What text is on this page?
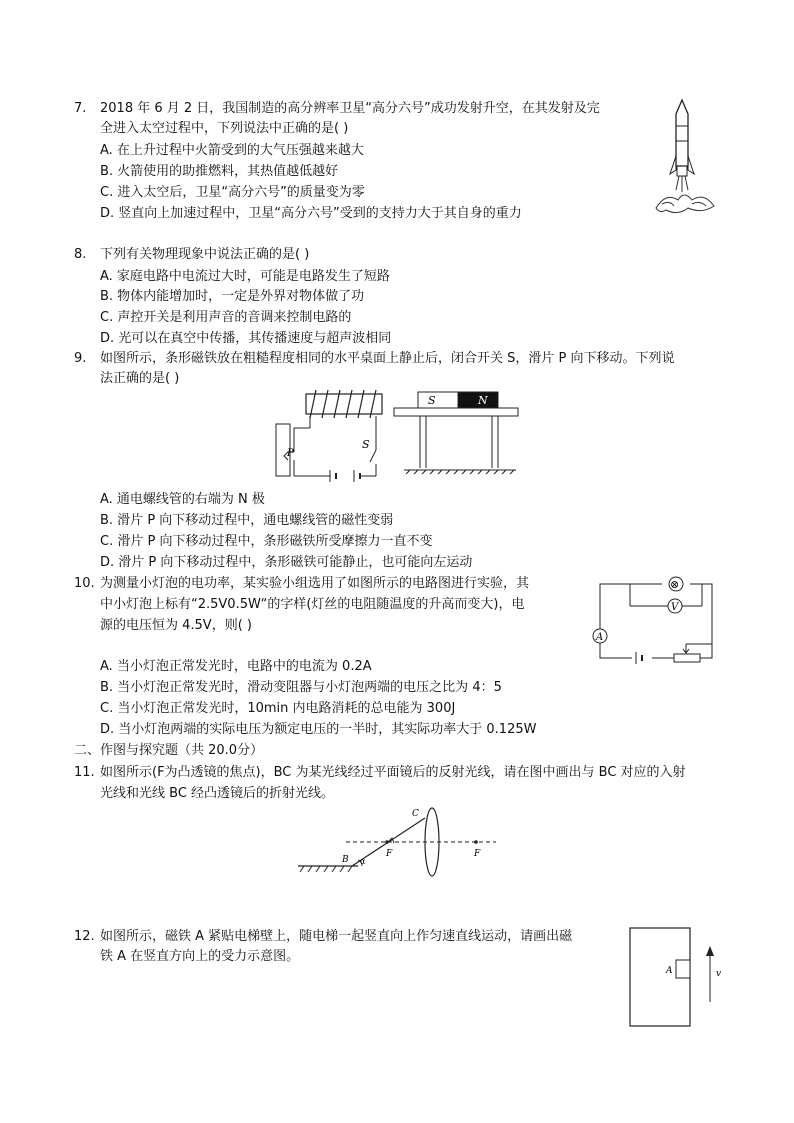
7. 2018 年 6 月 2 日，我国制造的高分辨率卫星“高分六号”成功发射升空，在其发射及完
全进入太空过程中，下列说法中正确的是( )
A. 在上升过程中火箭受到的大气压强越来越大
B. 火箭使用的助推燃料，其热值越低越好
C. 进入太空后，卫星“高分六号”的质量变为零
D. 竖直向上加速过程中，卫星“高分六号”受到的支持力大于其自身的重力
8. 下列有关物理现象中说法正确的是( )
A. 家庭电路中电流过大时，可能是电路发生了短路
B. 物体内能增加时，一定是外界对物体做了功
C. 声控开关是利用声音的音调来控制电路的
D. 光可以在真空中传播，其传播速度与超声波相同
9. 如图所示，条形磁铁放在粗糙程度相同的水平桌面上静止后，闭合开关 S，滑片 P 向下移动。下列说
法正确的是( )
P
S
S	N
A. 通电螺线管的右端为 N 极
B. 滑片 P 向下移动过程中，通电螺线管的磁性变弱
C. 滑片 P 向下移动过程中，条形磁铁所受摩擦力一直不变
D. 滑片 P 向下移动过程中，条形磁铁可能静止，也可能向左运动
10. 为测量小灯泡的电功率，某实验小组选用了如图所示的电路图进行实验，其
中小灯泡上标有“2.5V0.5W“的字样(灯丝的电阻随温度的升高而变大)，电
源的电压恒为 4.5V，则( )
⊗
V
A
A. 当小灯泡正常发光时，电路中的电流为 0.2A
B. 当小灯泡正常发光时，滑动变阻器与小灯泡两端的电压之比为 4：5
C. 当小灯泡正常发光时，10min 内电路消耗的总电能为 300J
D. 当小灯泡两端的实际电压为额定电压的一半时，其实际功率大于 0.125W
二、作图与探究题（共 20.0分）
11. 如图所示(F为凸透镜的焦点)，BC 为某光线经过平面镜后的反射光线，请在图中画出与 BC 对应的入射
光线和光线 BC 经凸透镜后的折射光线。
α
F	F
B
C
12. 如图所示，磁铁 A 紧贴电梯壁上，随电梯一起竖直向上作匀速直线运动，请画出磁
铁 A 在竖直方向上的受力示意图。
A	v
